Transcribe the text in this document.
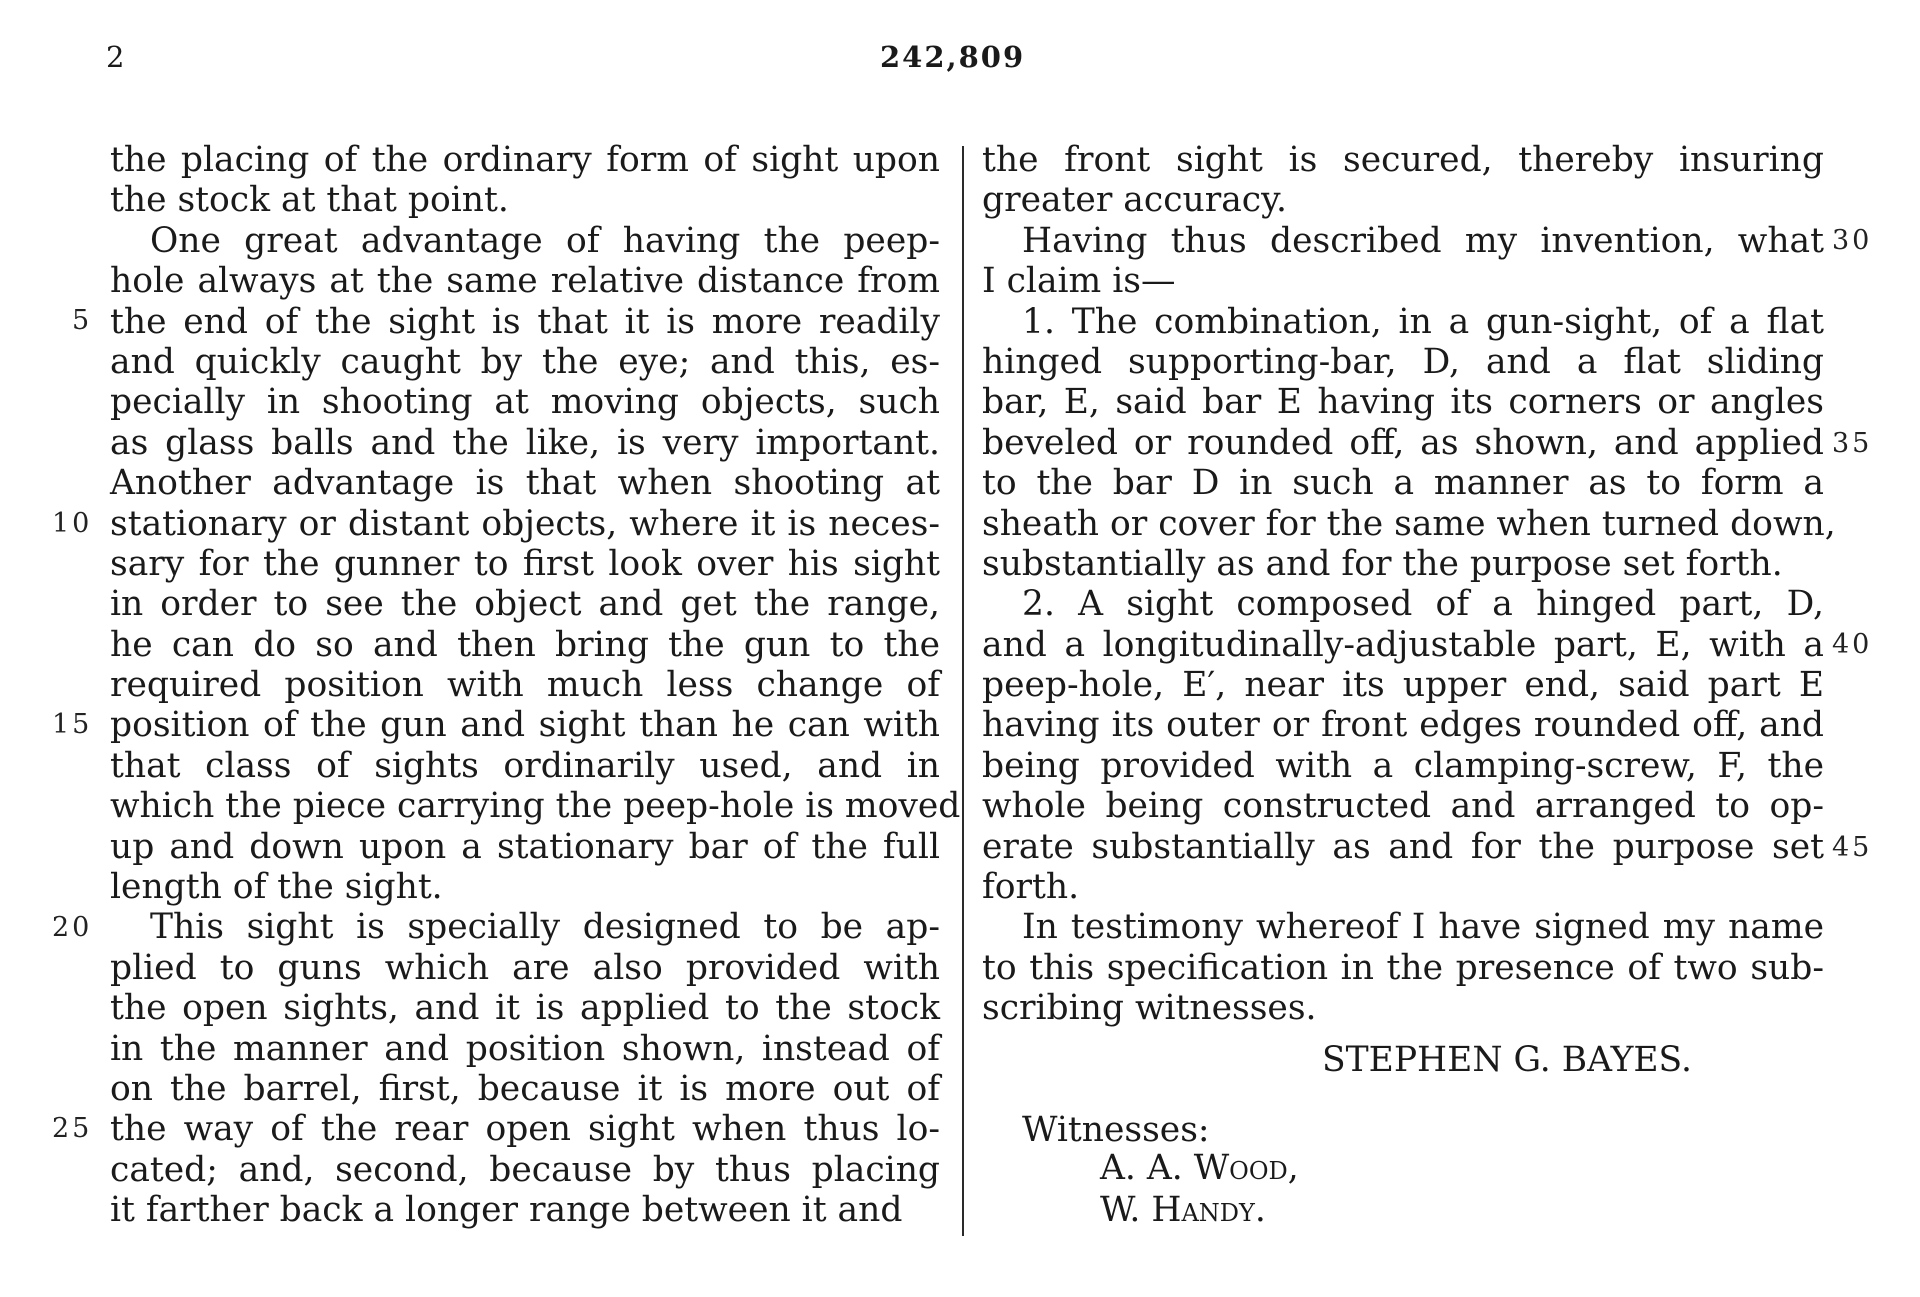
2	242,809
the placing of the ordinary form of sight upon
the stock at that point.
One great advantage of having the peep-
hole always at the same relative distance from
the end of the sight is that it is more readily
and quickly caught by the eye; and this, es-
pecially in shooting at moving objects, such
as glass balls and the like, is very important.
Another advantage is that when shooting at
stationary or distant objects, where it is neces-
sary for the gunner to first look over his sight
in order to see the object and get the range,
he can do so and then bring the gun to the
required position with much less change of
position of the gun and sight than he can with
that class of sights ordinarily used, and in
which the piece carrying the peep-hole is moved
up and down upon a stationary bar of the full
length of the sight.
This sight is specially designed to be ap-
plied to guns which are also provided with
the open sights, and it is applied to the stock
in the manner and position shown, instead of
on the barrel, first, because it is more out of
the way of the rear open sight when thus lo-
cated; and, second, because by thus placing
it farther back a longer range between it and
the front sight is secured, thereby insuring
greater accuracy.
Having thus described my invention, what
I claim is—
1. The combination, in a gun-sight, of a flat
hinged supporting-bar, D, and a flat sliding
bar, E, said bar E having its corners or angles
beveled or rounded off, as shown, and applied
to the bar D in such a manner as to form a
sheath or cover for the same when turned down,
substantially as and for the purpose set forth.
2. A sight composed of a hinged part, D,
and a longitudinally-adjustable part, E, with a
peep-hole, E′, near its upper end, said part E
having its outer or front edges rounded off, and
being provided with a clamping-screw, F, the
whole being constructed and arranged to op-
erate substantially as and for the purpose set
forth.
In testimony whereof I have signed my name
to this specification in the presence of two sub-
scribing witnesses.
5
10
15
20
25
30
35
40
45
STEPHEN G. BAYES.
Witnesses:
A. A. Wood,
W. Handy.
